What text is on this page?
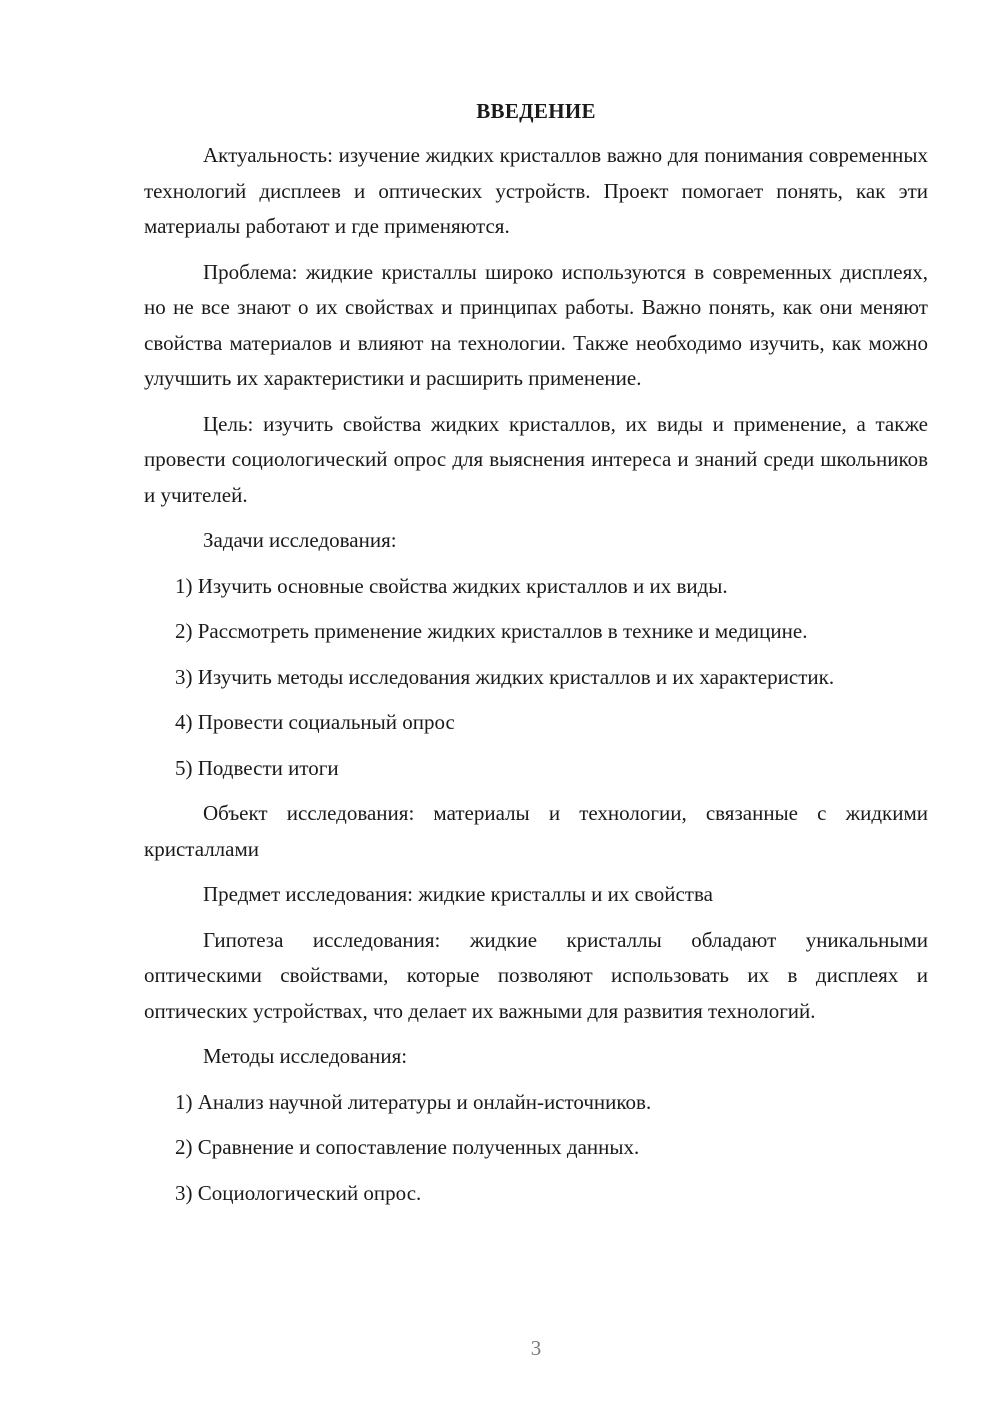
ВВЕДЕНИЕ

Актуальность: изучение жидких кристаллов важно для понимания современных технологий дисплеев и оптических устройств. Проект помогает понять, как эти материалы работают и где применяются.

Проблема: жидкие кристаллы широко используются в современных дисплеях, но не все знают о их свойствах и принципах работы. Важно понять, как они меняют свойства материалов и влияют на технологии. Также необходимо изучить, как можно улучшить их характеристики и расширить применение.

Цель: изучить свойства жидких кристаллов, их виды и применение, а также провести социологический опрос для выяснения интереса и знаний среди школьников и учителей.

Задачи исследования:

1) Изучить основные свойства жидких кристаллов и их виды.

2) Рассмотреть применение жидких кристаллов в технике и медицине.

3) Изучить методы исследования жидких кристаллов и их характеристик.

4) Провести социальный опрос

5) Подвести итоги

Объект исследования: материалы и технологии, связанные с жидкими кристаллами

Предмет исследования: жидкие кристаллы и их свойства

Гипотеза исследования: жидкие кристаллы обладают уникальными оптическими свойствами, которые позволяют использовать их в дисплеях и оптических устройствах, что делает их важными для развития технологий.

Методы исследования:

1) Анализ научной литературы и онлайн-источников.

2) Сравнение и сопоставление полученных данных.

3) Социологический опрос.

3
